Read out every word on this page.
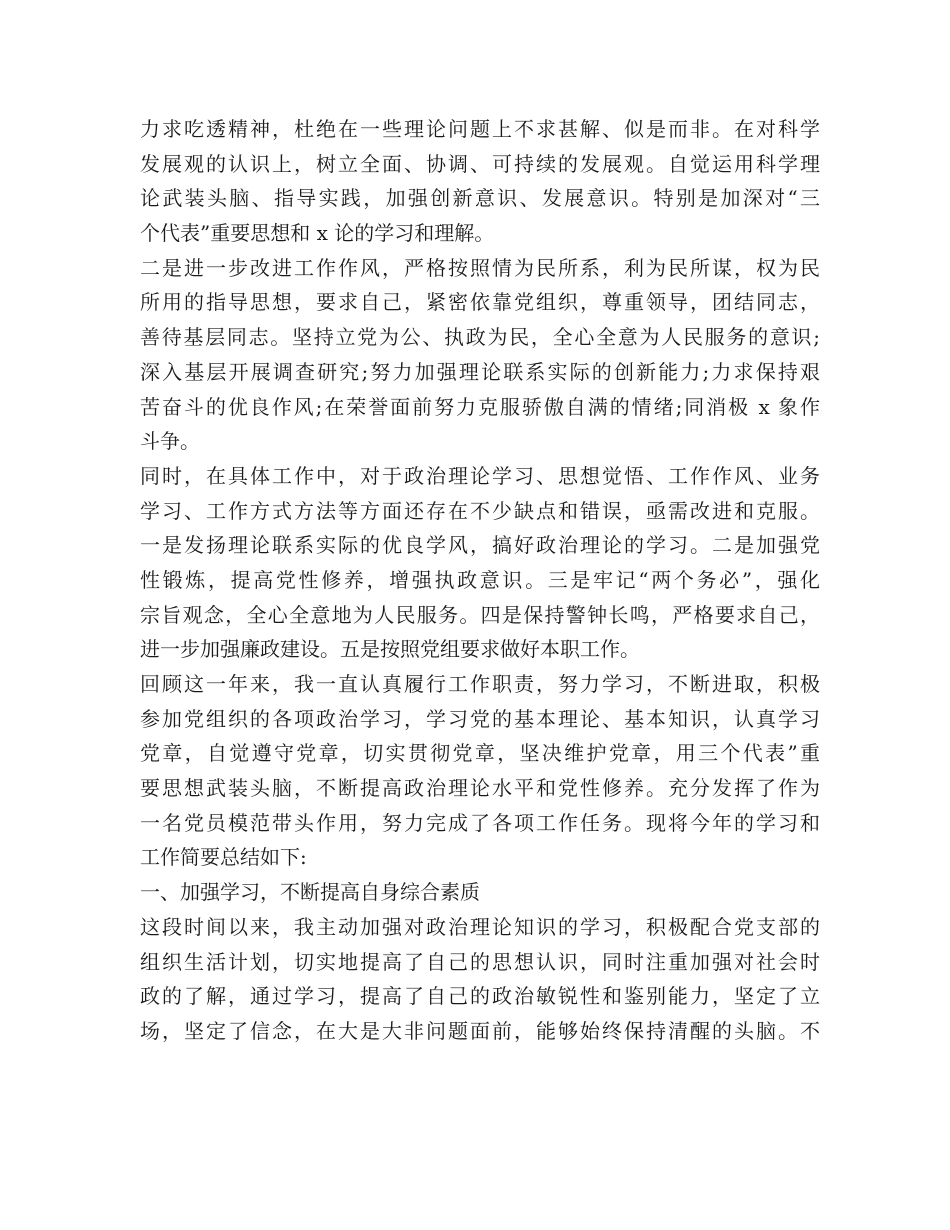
力求吃透精神，杜绝在一些理论问题上不求甚解、似是而非。在对科学
发展观的认识上，树立全面、协调、可持续的发展观。自觉运用科学理
论武装头脑、指导实践，加强创新意识、发展意识。特别是加深对“三
个代表”重要思想和 x 论的学习和理解。
二是进一步改进工作作风，严格按照情为民所系，利为民所谋，权为民
所用的指导思想，要求自己，紧密依靠党组织，尊重领导，团结同志，
善待基层同志。坚持立党为公、执政为民，全心全意为人民服务的意识;
深入基层开展调查研究;努力加强理论联系实际的创新能力;力求保持艰
苦奋斗的优良作风;在荣誉面前努力克服骄傲自满的情绪;同消极 x 象作
斗争。
同时，在具体工作中，对于政治理论学习、思想觉悟、工作作风、业务
学习、工作方式方法等方面还存在不少缺点和错误，亟需改进和克服。
一是发扬理论联系实际的优良学风，搞好政治理论的学习。二是加强党
性锻炼，提高党性修养，增强执政意识。三是牢记“两个务必”，强化
宗旨观念，全心全意地为人民服务。四是保持警钟长鸣，严格要求自己，
进一步加强廉政建设。五是按照党组要求做好本职工作。
回顾这一年来，我一直认真履行工作职责，努力学习，不断进取，积极
参加党组织的各项政治学习，学习党的基本理论、基本知识，认真学习
党章，自觉遵守党章，切实贯彻党章，坚决维护党章，用三个代表”重
要思想武装头脑，不断提高政治理论水平和党性修养。充分发挥了作为
一名党员模范带头作用，努力完成了各项工作任务。现将今年的学习和
工作简要总结如下:
一、加强学习，不断提高自身综合素质
这段时间以来，我主动加强对政治理论知识的学习，积极配合党支部的
组织生活计划，切实地提高了自己的思想认识，同时注重加强对社会时
政的了解，通过学习，提高了自己的政治敏锐性和鉴别能力，坚定了立
场，坚定了信念，在大是大非问题面前，能够始终保持清醒的头脑。不
